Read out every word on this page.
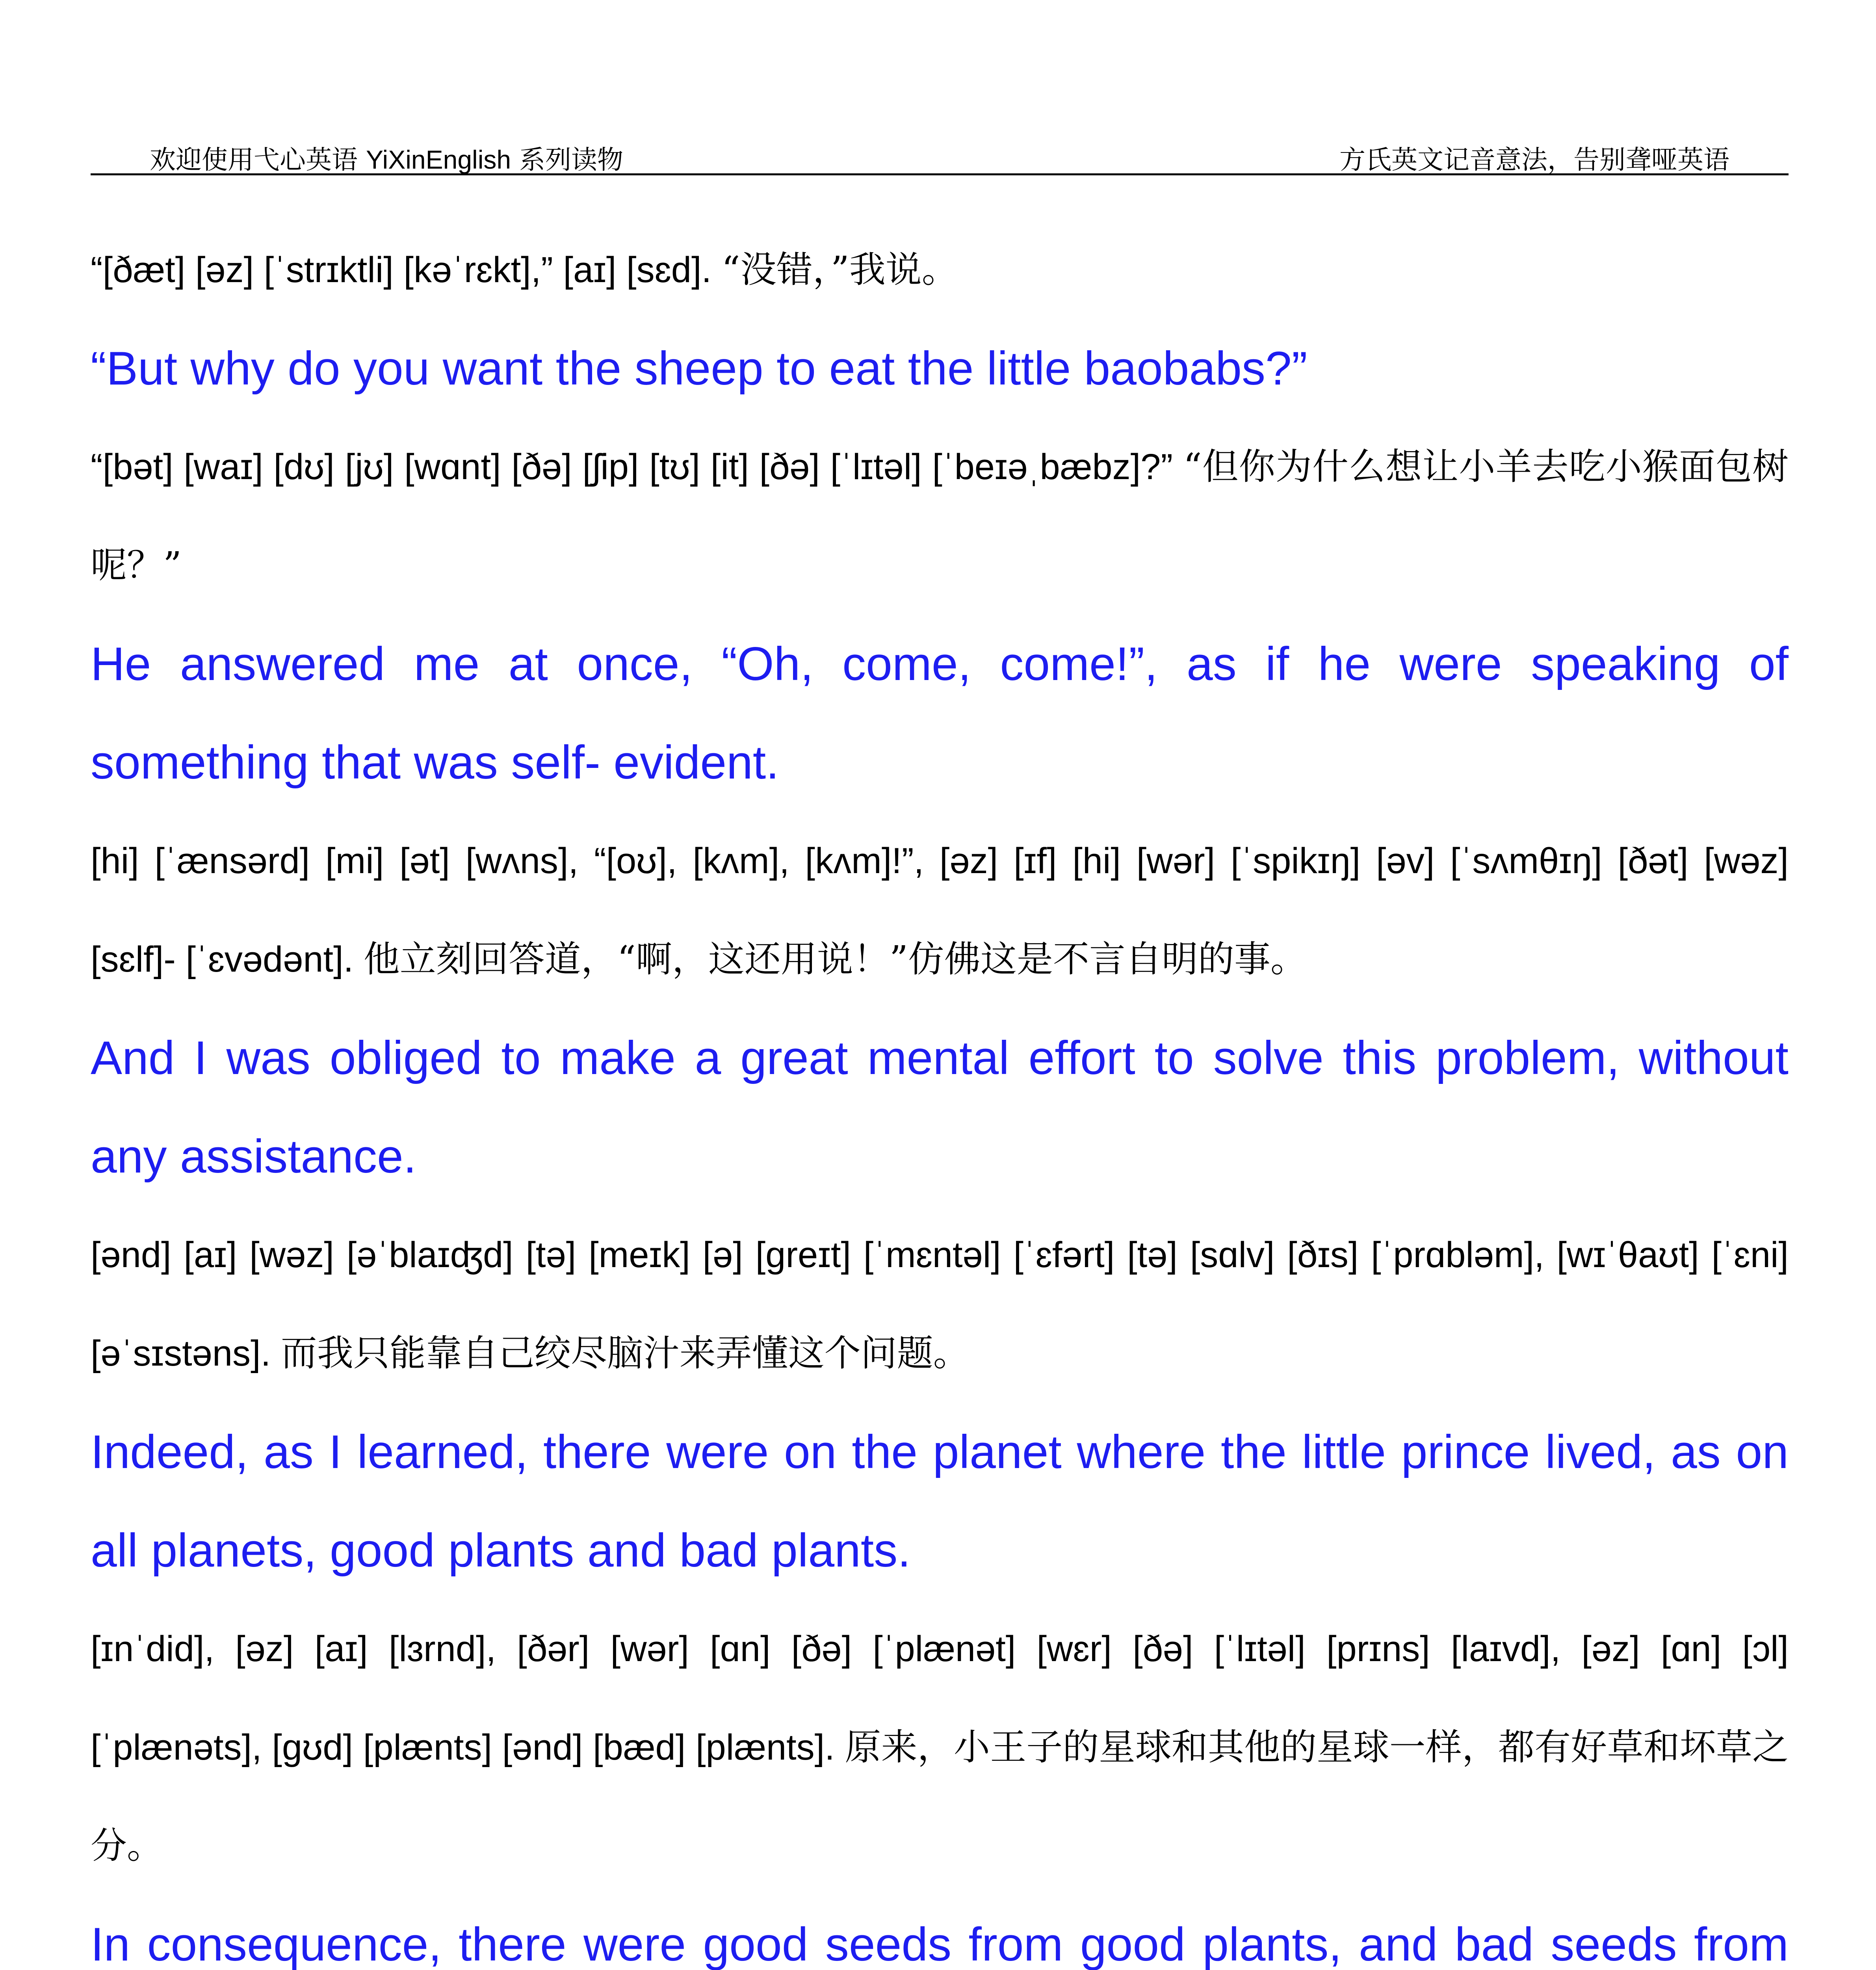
欢迎使用弋心英语 YiXinEnglish 系列读物	方氏英文记音意法，告别聋哑英语

“[ðæt] [əz] [ˈstrɪktli] [kəˈrɛkt],” [aɪ] [sɛd]. “没错，”我说。

“But why do you want the sheep to eat the little baobabs?”

“[bət] [waɪ] [dʊ] [jʊ] [wɑnt] [ðə] [ʃip] [tʊ] [it] [ðə] [ˈlɪtəl] [ˈbeɪəˌbæbz]?” “但你为什么想让小羊去吃小猴面包树呢？”

He answered me at once, “Oh, come, come!”, as if he were speaking of something that was self- evident.

[hi] [ˈænsərd] [mi] [ət] [wʌns], “[oʊ], [kʌm], [kʌm]!”, [əz] [ɪf] [hi] [wər] [ˈspikɪŋ] [əv] [ˈsʌmθɪŋ] [ðət] [wəz] [sɛlf]- [ˈɛvədənt]. 他立刻回答道，“啊，这还用说！”仿佛这是不言自明的事。

And I was obliged to make a great mental effort to solve this problem, without any assistance.

[ənd] [aɪ] [wəz] [əˈblaɪʤd] [tə] [meɪk] [ə] [greɪt] [ˈmɛntəl] [ˈɛfərt] [tə] [sɑlv] [ðɪs] [ˈprɑbləm], [wɪˈθaʊt] [ˈɛni] [əˈsɪstəns]. 而我只能靠自己绞尽脑汁来弄懂这个问题。

Indeed, as I learned, there were on the planet where the little prince lived, as on all planets, good plants and bad plants.

[ɪnˈdid], [əz] [aɪ] [lɜrnd], [ðər] [wər] [ɑn] [ðə] [ˈplænət] [wɛr] [ðə] [ˈlɪtəl] [prɪns] [laɪvd], [əz] [ɑn] [ɔl] [ˈplænəts], [gʊd] [plænts] [ənd] [bæd] [plænts]. 原来，小王子的星球和其他的星球一样，都有好草和坏草之分。

In consequence, there were good seeds from good plants, and bad seeds from
